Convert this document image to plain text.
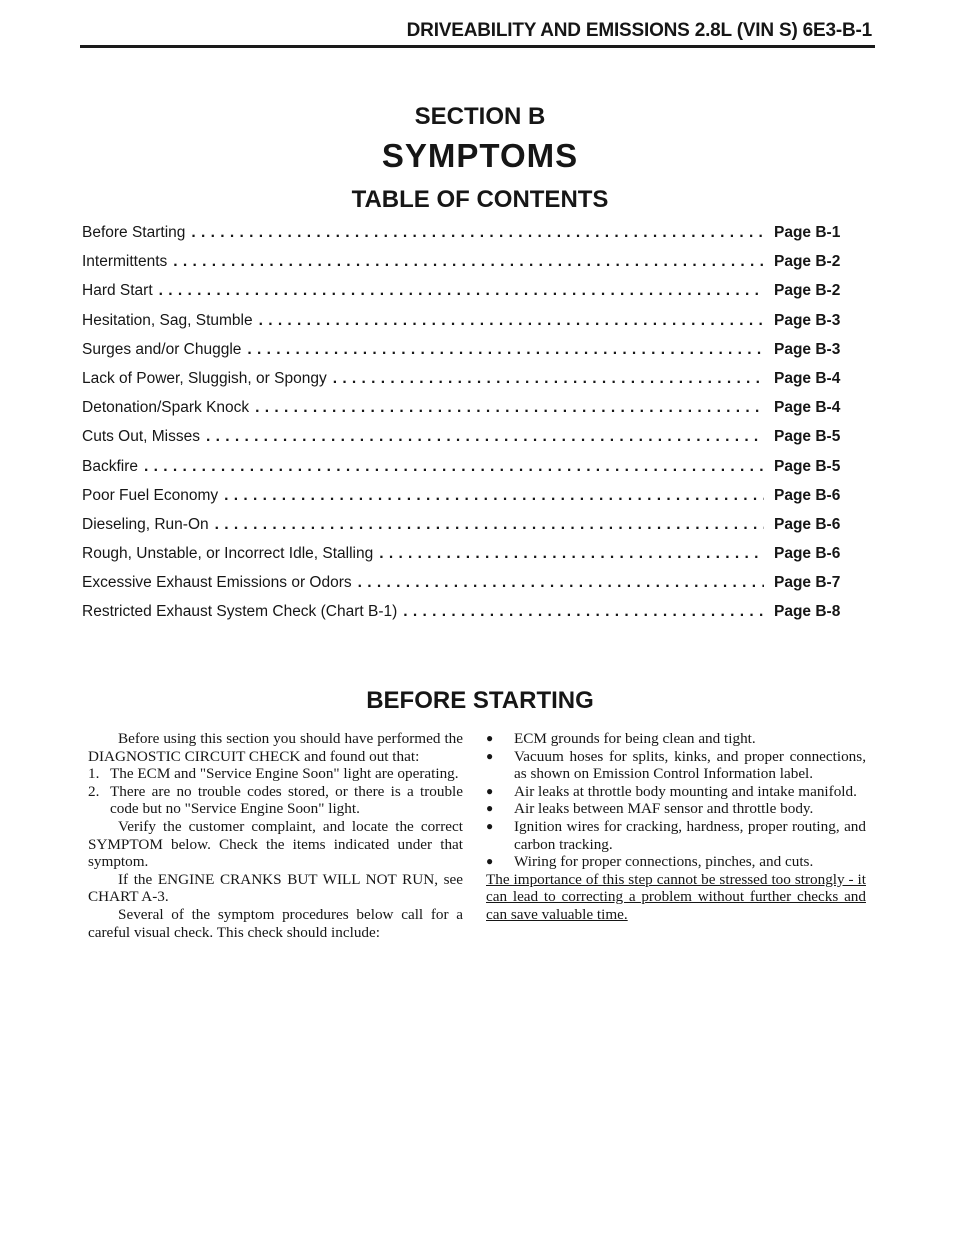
DRIVEABILITY AND EMISSIONS 2.8L (VIN S) 6E3-B-1
SECTION B
SYMPTOMS
TABLE OF CONTENTS
Before Starting . . .	Page B-1
Intermittents . . .	Page B-2
Hard Start . . .	Page B-2
Hesitation, Sag, Stumble . . .	Page B-3
Surges and/or Chuggle . . .	Page B-3
Lack of Power, Sluggish, or Spongy . . .	Page B-4
Detonation/Spark Knock . . .	Page B-4
Cuts Out, Misses . . .	Page B-5
Backfire . . .	Page B-5
Poor Fuel Economy . . .	Page B-6
Dieseling, Run-On . . .	Page B-6
Rough, Unstable, or Incorrect Idle, Stalling . . .	Page B-6
Excessive Exhaust Emissions or Odors . . .	Page B-7
Restricted Exhaust System Check (Chart B-1) . . .	Page B-8
BEFORE STARTING

Before using this section you should have performed the DIAGNOSTIC CIRCUIT CHECK and found out that:

1. The ECM and "Service Engine Soon" light are operating.
2. There are no trouble codes stored, or there is a trouble code but no "Service Engine Soon" light.

Verify the customer complaint, and locate the correct SYMPTOM below. Check the items indicated under that symptom.

If the ENGINE CRANKS BUT WILL NOT RUN, see CHART A-3.

Several of the symptom procedures below call for a careful visual check. This check should include:

●	ECM grounds for being clean and tight.
●	Vacuum hoses for splits, kinks, and proper connections, as shown on Emission Control Information label.
●	Air leaks at throttle body mounting and intake manifold.
●	Air leaks between MAF sensor and throttle body.
●	Ignition wires for cracking, hardness, proper routing, and carbon tracking.
●	Wiring for proper connections, pinches, and cuts.

The importance of this step cannot be stressed too strongly - it can lead to correcting a problem without further checks and can save valuable time.
